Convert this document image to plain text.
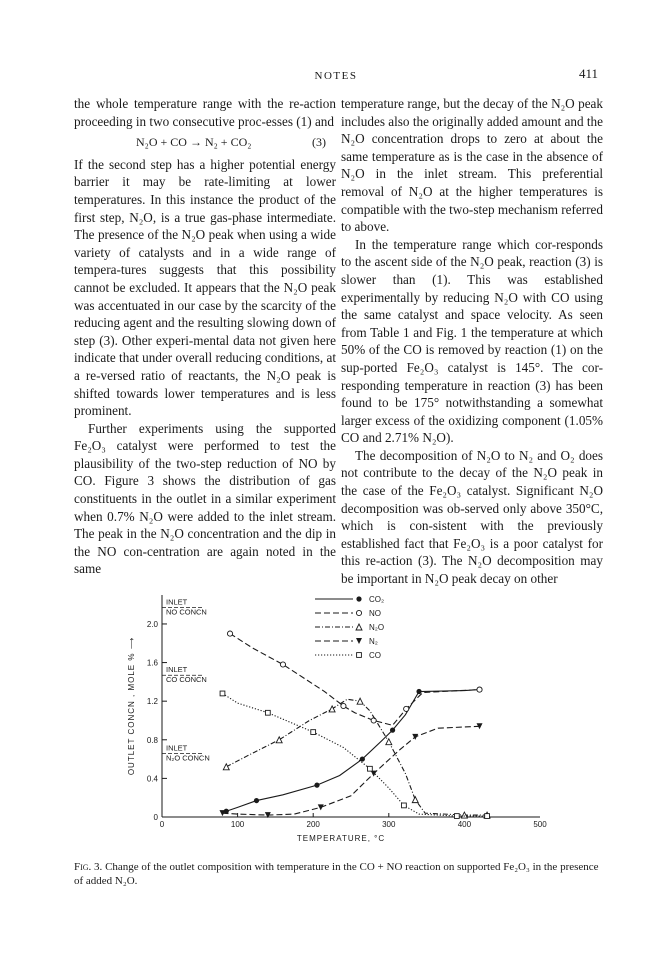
NOTES	411

the whole temperature range with the re-action proceeding in two consecutive proc-esses (1) and

N₂O + CO → N₂ + CO₂	(3)

If the second step has a higher potential energy barrier it may be rate-limiting at lower temperatures. In this instance the product of the first step, N₂O, is a true gas-phase intermediate. The presence of the N₂O peak when using a wide variety of catalysts and in a wide range of tempera-tures suggests that this possibility cannot be excluded. It appears that the N₂O peak was accentuated in our case by the scarcity of the reducing agent and the resulting slowing down of step (3). Other experi-mental data not given here indicate that under overall reducing conditions, at a re-versed ratio of reactants, the N₂O peak is shifted towards lower temperatures and is less prominent.

Further experiments using the supported Fe₂O₃ catalyst were performed to test the plausibility of the two-step reduction of NO by CO. Figure 3 shows the distribution of gas constituents in the outlet in a similar experiment when 0.7% N₂O were added to the inlet stream. The peak in the N₂O concentration and the dip in the NO con-centration are again noted in the same

temperature range, but the decay of the N₂O peak includes also the originally added amount and the N₂O concentration drops to zero at about the same temperature as is the case in the absence of N₂O in the inlet stream. This preferential removal of N₂O at the higher temperatures is compatible with the two-step mechanism referred to above.

In the temperature range which cor-responds to the ascent side of the N₂O peak, reaction (3) is slower than (1). This was established experimentally by reducing N₂O with CO using the same catalyst and space velocity. As seen from Table 1 and Fig. 1 the temperature at which 50% of the CO is removed by reaction (1) on the sup-ported Fe₂O₃ catalyst is 145°. The cor-responding temperature in reaction (3) has been found to be 175° notwithstanding a somewhat larger excess of the oxidizing component (1.05% CO and 2.71% N₂O).

The decomposition of N₂O to N₂ and O₂ does not contribute to the decay of the N₂O peak in the case of the Fe₂O₃ catalyst. Significant N₂O decomposition was ob-served only above 350°C, which is con-sistent with the previously established fact that Fe₂O₃ is a poor catalyst for this re-action (3). The N₂O decomposition may be important in N₂O peak decay on other

0	100	200	300	400	500
0
0.4
0.8
1.2
1.6
2.0
TEMPERATURE, °C
OUTLET CONCN , MOLE % ⟶
INLET
NO CONCN
INLET
CO CONCN
INLET
N₂O CONCN
CO₂
NO
N₂O
N₂
CO
Fig. 3. Change of the outlet composition with temperature in the CO + NO reaction on supported Fe₂O₃ in the presence of added N₂O.
